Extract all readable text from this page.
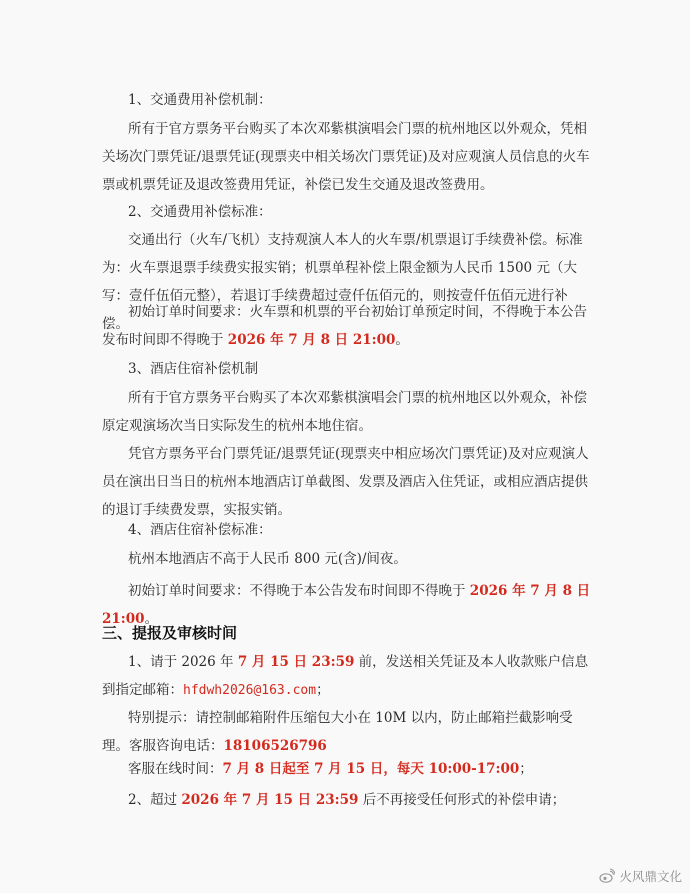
1、交通费用补偿机制：

所有于官方票务平台购买了本次邓紫棋演唱会门票的杭州地区以外观众，凭相关场次门票凭证/退票凭证(现票夹中相关场次门票凭证)及对应观演人员信息的火车票或机票凭证及退改签费用凭证，补偿已发生交通及退改签费用。

2、交通费用补偿标准：

交通出行（火车/飞机）支持观演人本人的火车票/机票退订手续费补偿。标准为：火车票退票手续费实报实销；机票单程补偿上限金额为人民币 1500 元（大写：壹仟伍佰元整），若退订手续费超过壹仟伍佰元的，则按壹仟伍佰元进行补偿。

初始订单时间要求：火车票和机票的平台初始订单预定时间，不得晚于本公告发布时间即不得晚于 2026 年 7 月 8 日 21:00。

3、酒店住宿补偿机制

所有于官方票务平台购买了本次邓紫棋演唱会门票的杭州地区以外观众，补偿原定观演场次当日实际发生的杭州本地住宿。

凭官方票务平台门票凭证/退票凭证(现票夹中相应场次门票凭证)及对应观演人员在演出日当日的杭州本地酒店订单截图、发票及酒店入住凭证，或相应酒店提供的退订手续费发票，实报实销。

4、酒店住宿补偿标准：

杭州本地酒店不高于人民币 800 元(含)/间夜。

初始订单时间要求：不得晚于本公告发布时间即不得晚于 2026 年 7 月 8 日 21:00。

三、提报及审核时间

1、请于 2026 年 7 月 15 日 23:59 前，发送相关凭证及本人收款账户信息到指定邮箱：hfdwh2026@163.com；

特别提示：请控制邮箱附件压缩包大小在 10M 以内，防止邮箱拦截影响受理。客服咨询电话：18106526796

客服在线时间：7 月 8 日起至 7 月 15 日，每天 10:00-17:00；

2、超过 2026 年 7 月 15 日 23:59 后不再接受任何形式的补偿申请；

火风鼎文化
